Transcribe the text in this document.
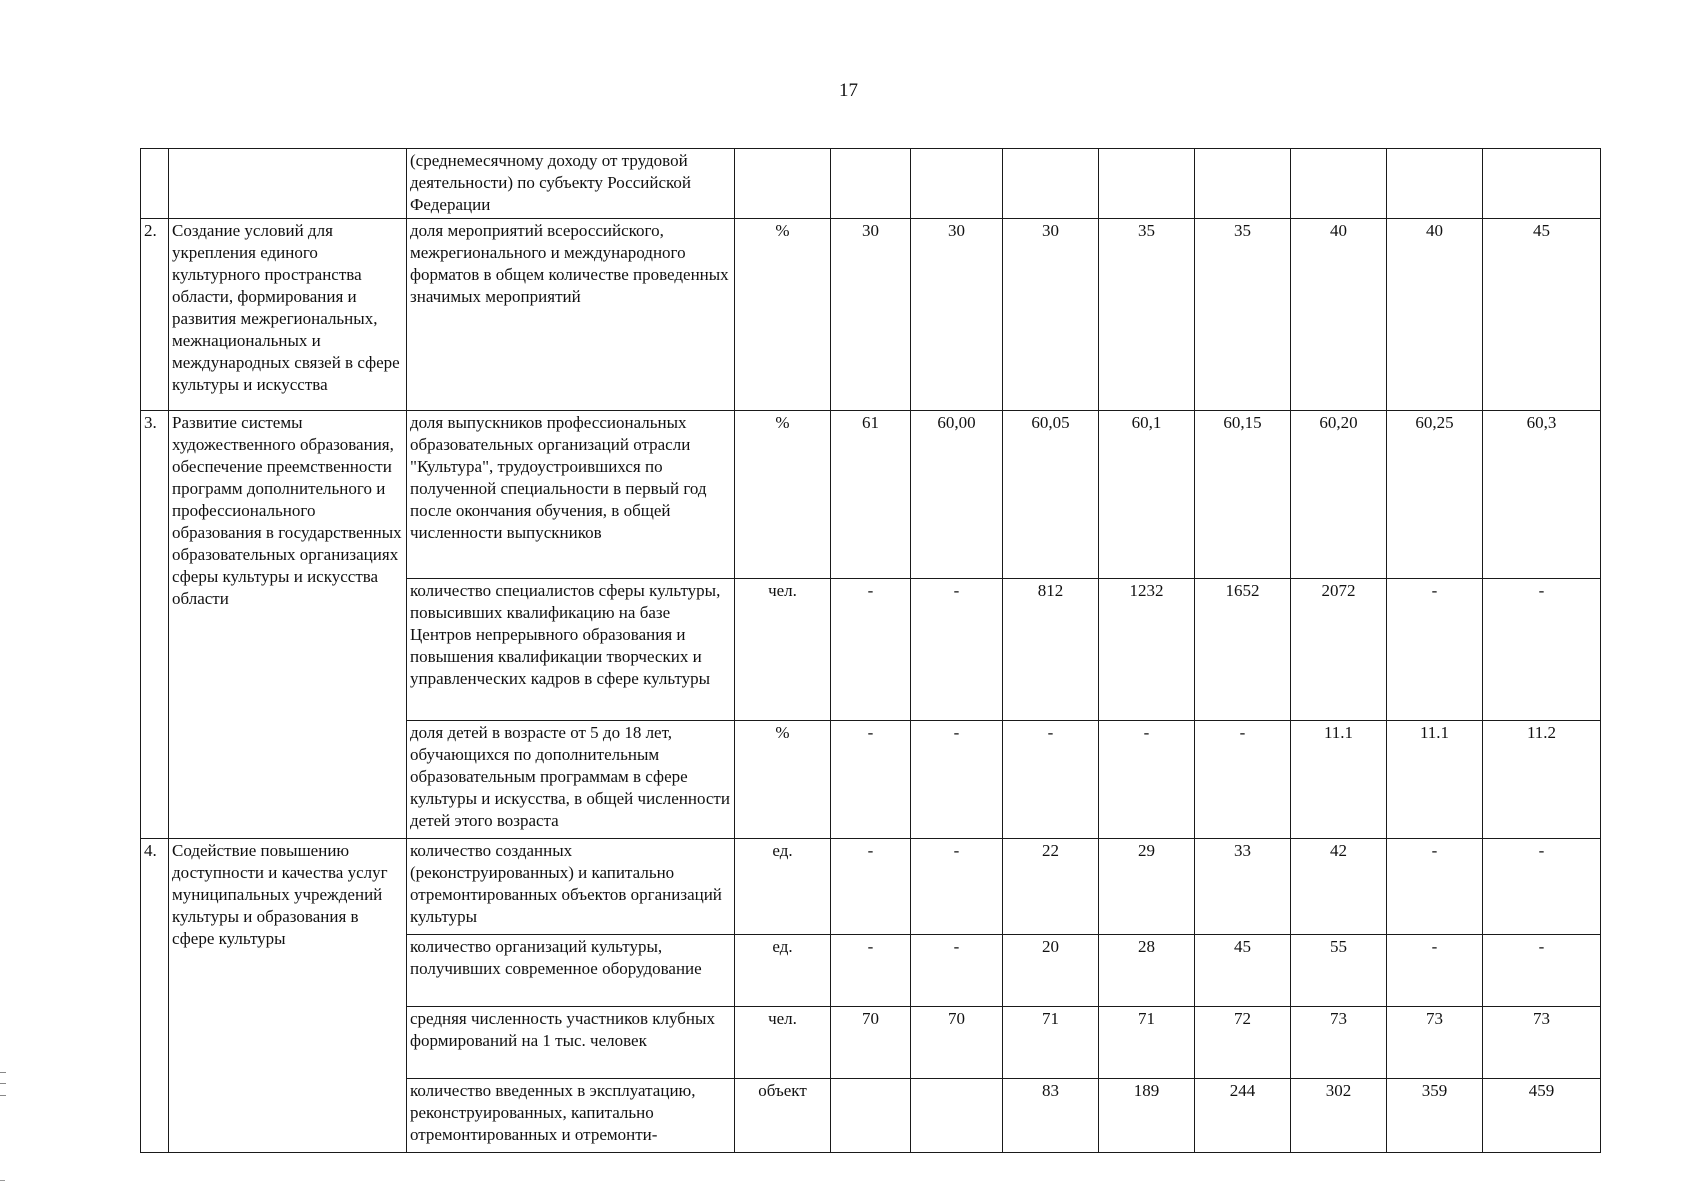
17
		(среднемесячному доходу от трудовой деятельности) по субъекту Российской Федерации									
2.	Создание условий для укрепления единого культурного пространства области, формирования и развития межрегиональных, межнациональных и международных связей в сфере культуры и искусства	доля мероприятий всероссийского, межрегионального и международного форматов в общем количестве проведенных значимых мероприятий	%	30	30	30	35	35	40	40	45
3.	Развитие системы художественного образования, обеспечение преемственности программ дополнительного и профессионального образования в государственных образовательных организациях сферы культуры и искусства области	доля выпускников профессиональных образовательных организаций отрасли "Культура", трудоустроившихся по полученной специальности в первый год после окончания обучения, в общей численности выпускников	%	61	60,00	60,05	60,1	60,15	60,20	60,25	60,3
		количество специалистов сферы культуры, повысивших квалификацию на базе Центров непрерывного образования и повышения квалификации творческих и управленческих кадров в сфере культуры	чел.	-	-	812	1232	1652	2072	-	-
		доля детей в возрасте от 5 до 18 лет, обучающихся по дополнительным образовательным программам в сфере культуры и искусства, в общей численности детей этого возраста	%	-	-	-	-	-	11.1	11.1	11.2
4.	Содействие повышению доступности и качества услуг муниципальных учреждений культуры и образования в сфере культуры	количество созданных (реконструированных) и капитально отремонтированных объектов организаций культуры	ед.	-	-	22	29	33	42	-	-
		количество организаций культуры, получивших современное оборудование	ед.	-	-	20	28	45	55	-	-
		средняя численность участников клубных формирований на 1 тыс. человек	чел.	70	70	71	71	72	73	73	73
		количество введенных в эксплуатацию, реконструированных, капитально отремонтированных и отремонти-	объект			83	189	244	302	359	459
